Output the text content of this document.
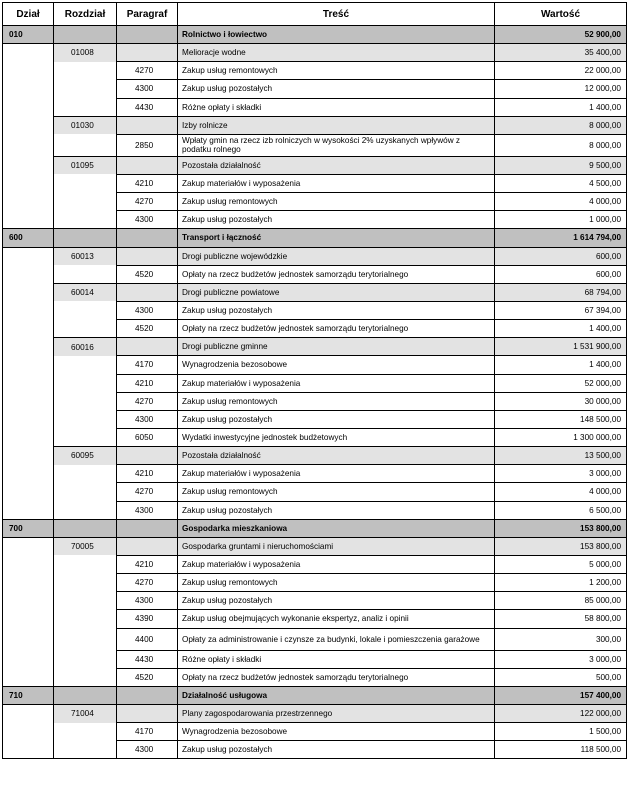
Dział	Rozdział	Paragraf	Treść	Wartość
010			Rolnictwo i łowiectwo	52 900,00
	01008		Melioracje wodne	35 400,00
		4270	Zakup usług remontowych	22 000,00
		4300	Zakup usług pozostałych	12 000,00
		4430	Różne opłaty i składki	1 400,00
	01030		Izby rolnicze	8 000,00
		2850	Wpłaty gmin na rzecz izb rolniczych w wysokości 2% uzyskanych wpływów z podatku rolnego	8 000,00
	01095		Pozostała działalność	9 500,00
		4210	Zakup materiałów i wyposażenia	4 500,00
		4270	Zakup usług remontowych	4 000,00
		4300	Zakup usług pozostałych	1 000,00
600			Transport i łączność	1 614 794,00
	60013		Drogi publiczne wojewódzkie	600,00
		4520	Opłaty na rzecz budżetów jednostek samorządu terytorialnego	600,00
	60014		Drogi publiczne powiatowe	68 794,00
		4300	Zakup usług pozostałych	67 394,00
		4520	Opłaty na rzecz budżetów jednostek samorządu terytorialnego	1 400,00
	60016		Drogi publiczne gminne	1 531 900,00
		4170	Wynagrodzenia bezosobowe	1 400,00
		4210	Zakup materiałów i wyposażenia	52 000,00
		4270	Zakup usług remontowych	30 000,00
		4300	Zakup usług pozostałych	148 500,00
		6050	Wydatki inwestycyjne jednostek budżetowych	1 300 000,00
	60095		Pozostała działalność	13 500,00
		4210	Zakup materiałów i wyposażenia	3 000,00
		4270	Zakup usług remontowych	4 000,00
		4300	Zakup usług pozostałych	6 500,00
700			Gospodarka mieszkaniowa	153 800,00
	70005		Gospodarka gruntami i nieruchomościami	153 800,00
		4210	Zakup materiałów i wyposażenia	5 000,00
		4270	Zakup usług remontowych	1 200,00
		4300	Zakup usług pozostałych	85 000,00
		4390	Zakup usług obejmujących wykonanie ekspertyz, analiz i opinii	58 800,00
		4400	Opłaty za administrowanie i czynsze za budynki, lokale i pomieszczenia garażowe	300,00
		4430	Różne opłaty i składki	3 000,00
		4520	Opłaty na rzecz budżetów jednostek samorządu terytorialnego	500,00
710			Działalność usługowa	157 400,00
	71004		Plany zagospodarowania przestrzennego	122 000,00
		4170	Wynagrodzenia bezosobowe	1 500,00
		4300	Zakup usług pozostałych	118 500,00
